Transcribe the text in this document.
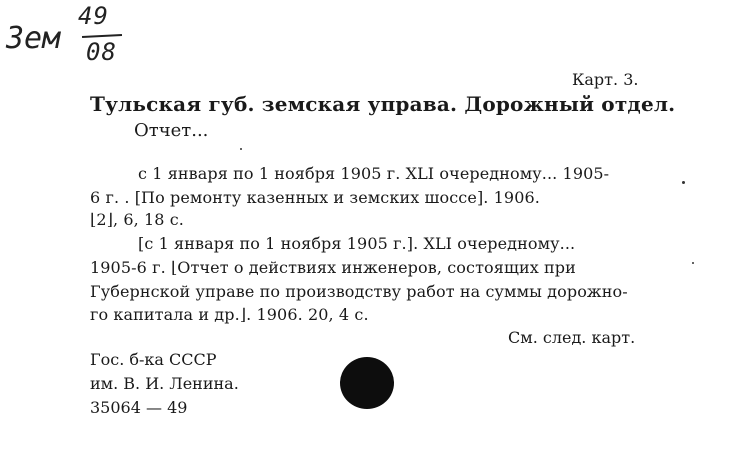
49
Зем 08
Карт. 3.
Тульская губ. земская управа. Дорожный отдел.
Отчет...
с 1 января по 1 ноября 1905 г. XLI очередному... 1905-
6 г. . [По ремонту казенных и земских шоссе]. 1906.
⌊2⌋, 6, 18 с.
[с 1 января по 1 ноября 1905 г.]. XLI очередному...
1905-6 г. ⌊Отчет о действиях инженеров, состоящих при
Губернской управе по производству работ на суммы дорожно-
го капитала и др.⌋. 1906. 20, 4 с.
См. след. карт.
Гос. б-ка СССР
им. В. И. Ленина.
35064 — 49
